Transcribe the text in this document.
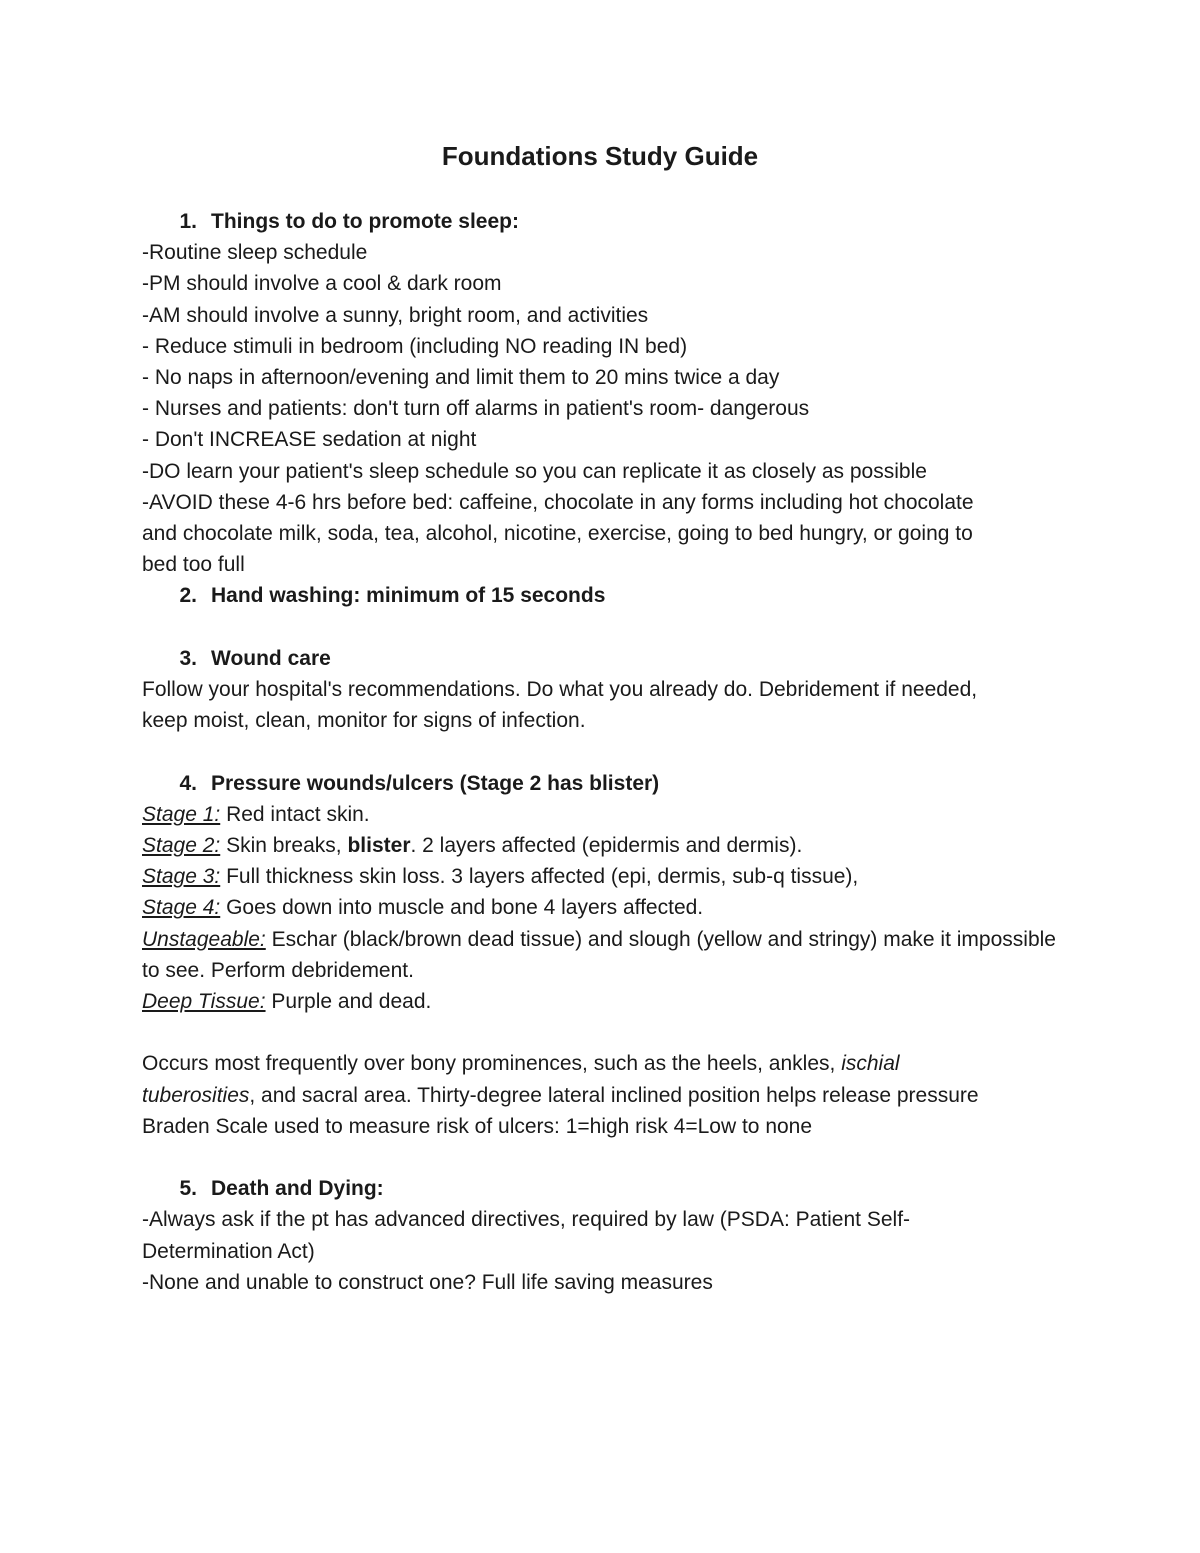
Foundations Study Guide
1. Things to do to promote sleep:

-Routine sleep schedule

-PM should involve a cool & dark room

-AM should involve a sunny, bright room, and activities

- Reduce stimuli in bedroom (including NO reading IN bed)

- No naps in afternoon/evening and limit them to 20 mins twice a day

- Nurses and patients: don't turn off alarms in patient's room- dangerous

- Don't INCREASE sedation at night

-DO learn your patient's sleep schedule so you can replicate it as closely as possible

-AVOID these 4-6 hrs before bed: caffeine, chocolate in any forms including hot chocolate and chocolate milk, soda, tea, alcohol, nicotine, exercise, going to bed hungry, or going to bed too full

2. Hand washing: minimum of 15 seconds
3. Wound care

Follow your hospital's recommendations. Do what you already do. Debridement if needed, keep moist, clean, monitor for signs of infection.

4. Pressure wounds/ulcers (Stage 2 has blister)

Stage 1: Red intact skin.

Stage 2: Skin breaks, blister. 2 layers affected (epidermis and dermis).

Stage 3: Full thickness skin loss. 3 layers affected (epi, dermis, sub-q tissue),

Stage 4: Goes down into muscle and bone 4 layers affected.

Unstageable: Eschar (black/brown dead tissue) and slough (yellow and stringy) make it impossible to see. Perform debridement.

Deep Tissue: Purple and dead.

Occurs most frequently over bony prominences, such as the heels, ankles, ischial tuberosities, and sacral area. Thirty-degree lateral inclined position helps release pressure

Braden Scale used to measure risk of ulcers: 1=high risk 4=Low to none

5. Death and Dying:

-Always ask if the pt has advanced directives, required by law (PSDA: Patient Self-Determination Act)

-None and unable to construct one? Full life saving measures
